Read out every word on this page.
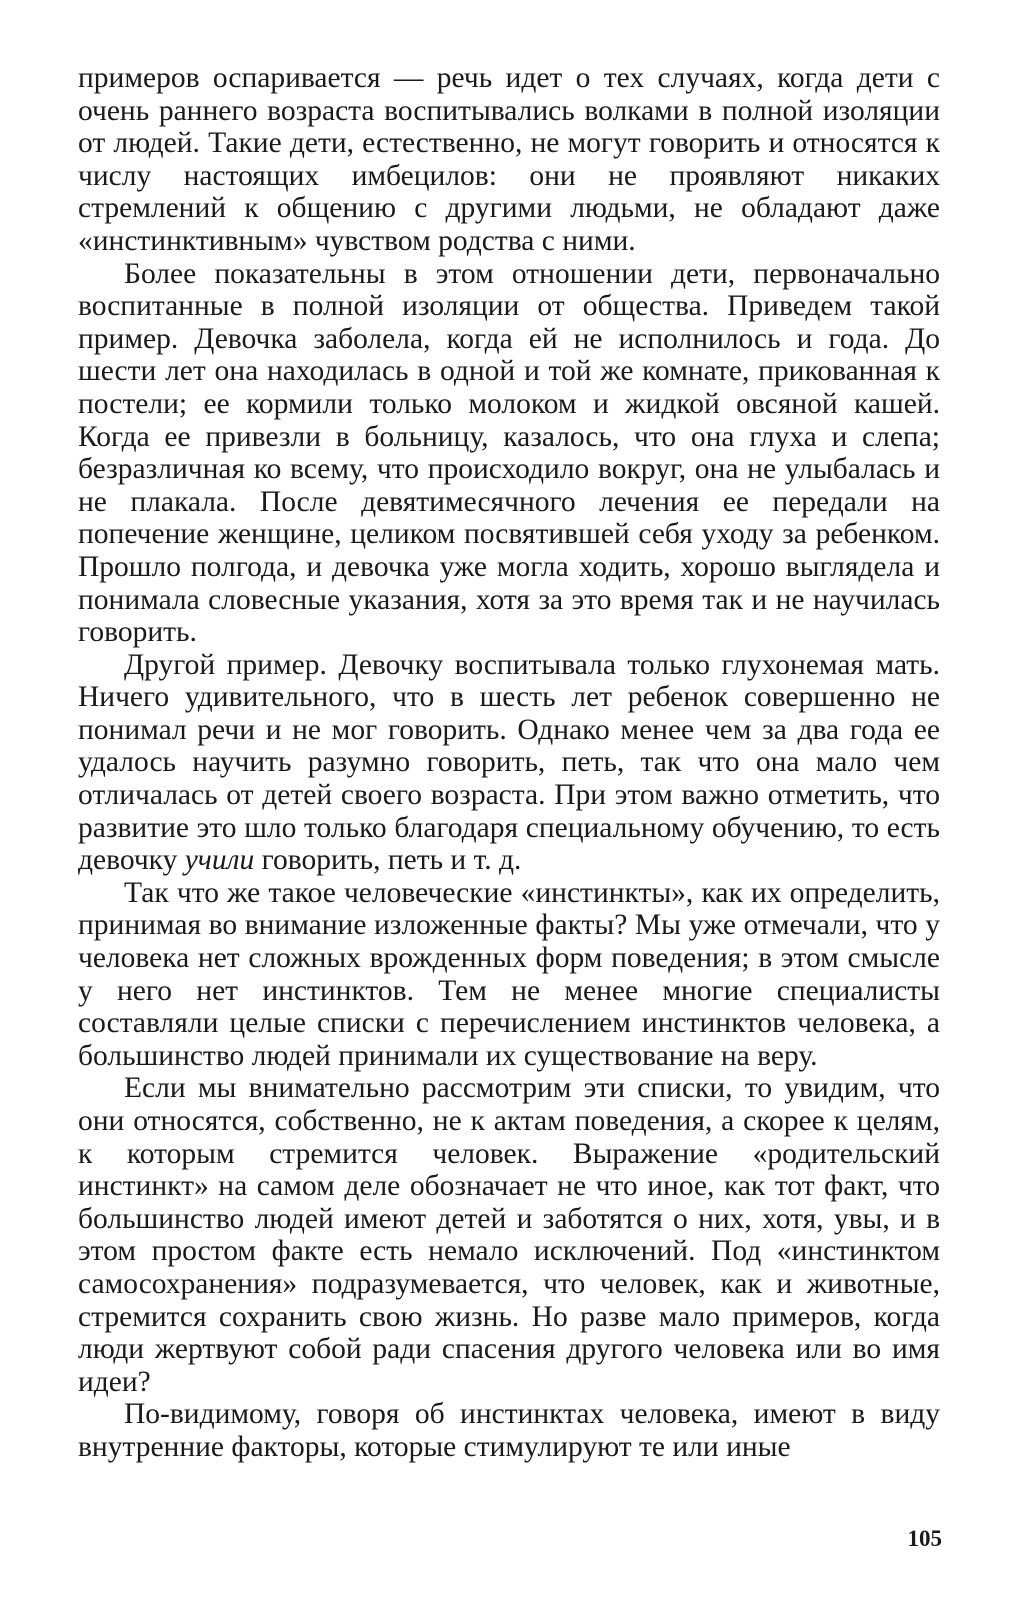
примеров оспаривается — речь идет о тех случаях, когда дети с очень раннего возраста воспитывались волками в полной изоляции от людей. Такие дети, естественно, не могут говорить и относятся к числу настоящих имбецилов: они не проявляют никаких стремлений к общению с другими людьми, не обладают даже «инстинктивным» чувством родства с ними.

Более показательны в этом отношении дети, первоначально воспитанные в полной изоляции от общества. Приведем такой пример. Девочка заболела, когда ей не исполнилось и года. До шести лет она находилась в одной и той же комнате, прикованная к постели; ее кормили только молоком и жидкой овсяной кашей. Когда ее привезли в больницу, казалось, что она глуха и слепа; безразличная ко всему, что происходило вокруг, она не улыбалась и не плакала. После девятимесячного лечения ее передали на попечение женщине, целиком посвятившей себя уходу за ребенком. Прошло полгода, и девочка уже могла ходить, хорошо выглядела и понимала словесные указания, хотя за это время так и не научилась говорить.

Другой пример. Девочку воспитывала только глухонемая мать. Ничего удивительного, что в шесть лет ребенок совершенно не понимал речи и не мог говорить. Однако менее чем за два года ее удалось научить разумно говорить, петь, так что она мало чем отличалась от детей своего возраста. При этом важно отметить, что развитие это шло только благодаря специальному обучению, то есть девочку учили говорить, петь и т. д.

Так что же такое человеческие «инстинкты», как их определить, принимая во внимание изложенные факты? Мы уже отмечали, что у человека нет сложных врожденных форм поведения; в этом смысле у него нет инстинктов. Тем не менее многие специалисты составляли целые списки с перечислением инстинктов человека, а большинство людей принимали их существование на веру.

Если мы внимательно рассмотрим эти списки, то увидим, что они относятся, собственно, не к актам поведения, а скорее к целям, к которым стремится человек. Выражение «родительский инстинкт» на самом деле обозначает не что иное, как тот факт, что большинство людей имеют детей и заботятся о них, хотя, увы, и в этом простом факте есть немало исключений. Под «инстинктом самосохранения» подразумевается, что человек, как и животные, стремится сохранить свою жизнь. Но разве мало примеров, когда люди жертвуют собой ради спасения другого человека или во имя идеи?

По-видимому, говоря об инстинктах человека, имеют в виду внутренние факторы, которые стимулируют те или иные

105
